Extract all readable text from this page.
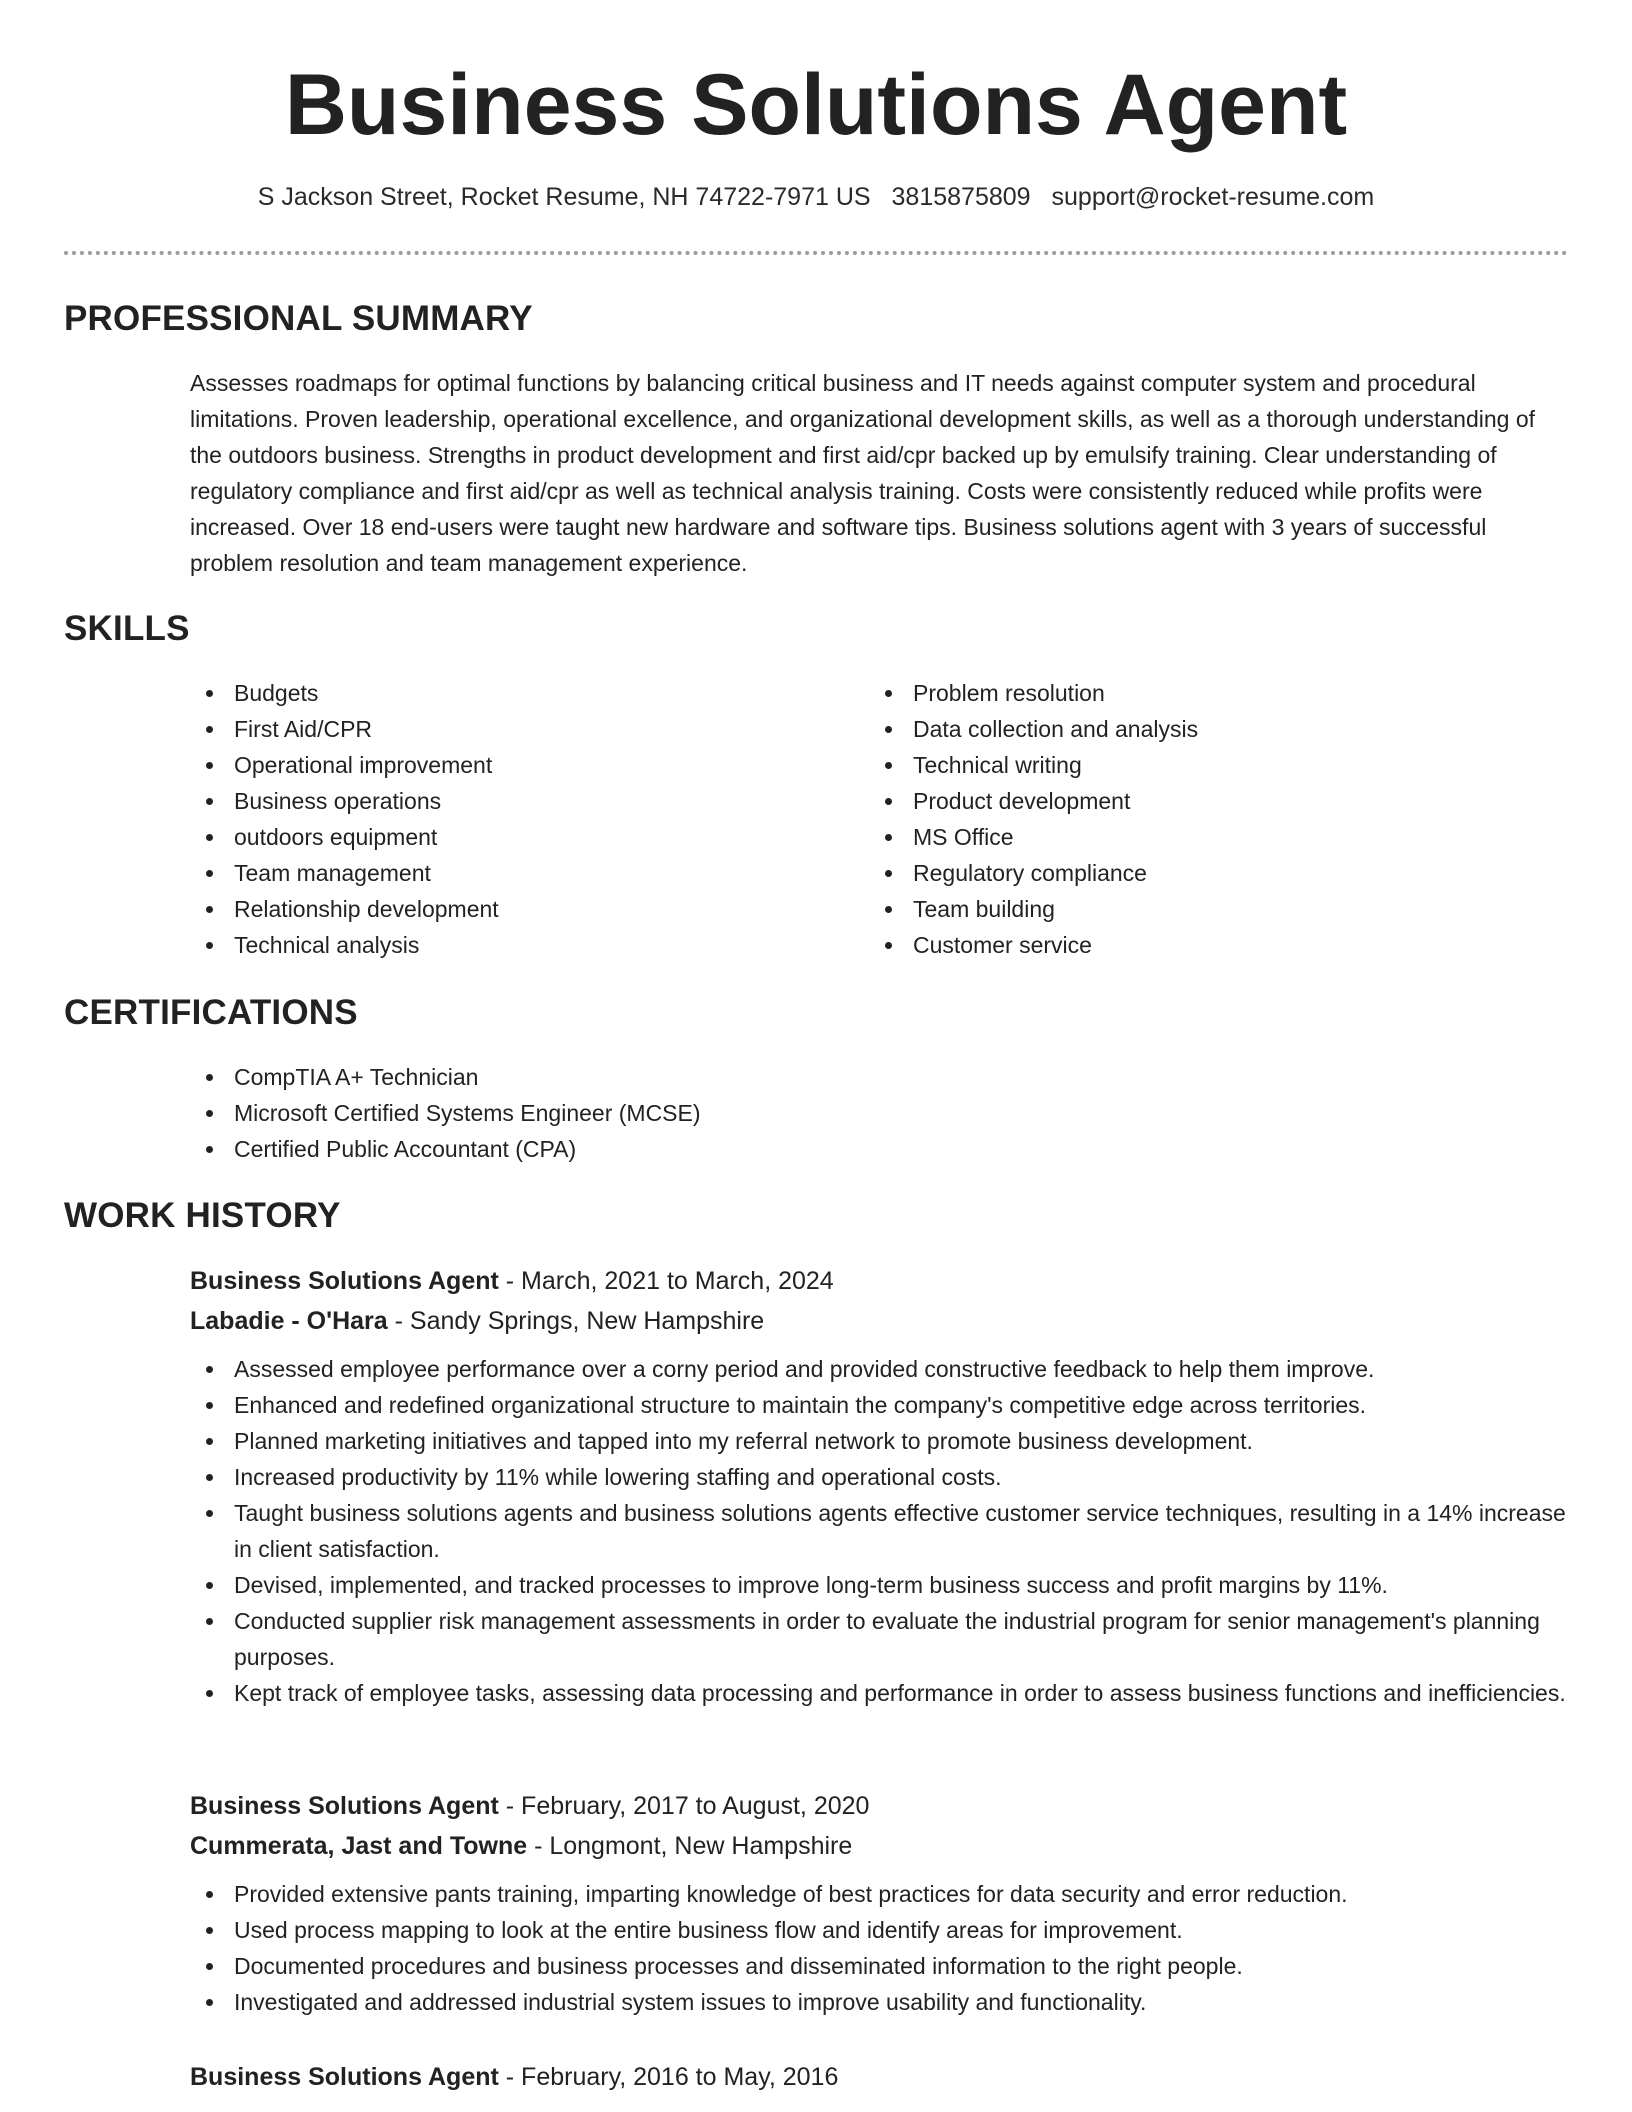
Business Solutions Agent
S Jackson Street, Rocket Resume, NH 74722-7971 US 3815875809 support@rocket-resume.com
PROFESSIONAL SUMMARY

Assesses roadmaps for optimal functions by balancing critical business and IT needs against computer system and procedural limitations. Proven leadership, operational excellence, and organizational development skills, as well as a thorough understanding of the outdoors business. Strengths in product development and first aid/cpr backed up by emulsify training. Clear understanding of regulatory compliance and first aid/cpr as well as technical analysis training. Costs were consistently reduced while profits were increased. Over 18 end-users were taught new hardware and software tips. Business solutions agent with 3 years of successful problem resolution and team management experience.

SKILLS
Budgets
First Aid/CPR
Operational improvement
Business operations
outdoors equipment
Team management
Relationship development
Technical analysis
Problem resolution
Data collection and analysis
Technical writing
Product development
MS Office
Regulatory compliance
Team building
Customer service
CERTIFICATIONS
CompTIA A+ Technician
Microsoft Certified Systems Engineer (MCSE)
Certified Public Accountant (CPA)
WORK HISTORY

Business Solutions Agent - March, 2021 to March, 2024

Labadie - O'Hara - Sandy Springs, New Hampshire

Assessed employee performance over a corny period and provided constructive feedback to help them improve.
Enhanced and redefined organizational structure to maintain the company's competitive edge across territories.
Planned marketing initiatives and tapped into my referral network to promote business development.
Increased productivity by 11% while lowering staffing and operational costs.
Taught business solutions agents and business solutions agents effective customer service techniques, resulting in a 14% increase in client satisfaction.
Devised, implemented, and tracked processes to improve long-term business success and profit margins by 11%.
Conducted supplier risk management assessments in order to evaluate the industrial program for senior management's planning purposes.
Kept track of employee tasks, assessing data processing and performance in order to assess business functions and inefficiencies.

Business Solutions Agent - February, 2017 to August, 2020

Cummerata, Jast and Towne - Longmont, New Hampshire

Provided extensive pants training, imparting knowledge of best practices for data security and error reduction.
Used process mapping to look at the entire business flow and identify areas for improvement.
Documented procedures and business processes and disseminated information to the right people.
Investigated and addressed industrial system issues to improve usability and functionality.

Business Solutions Agent - February, 2016 to May, 2016
